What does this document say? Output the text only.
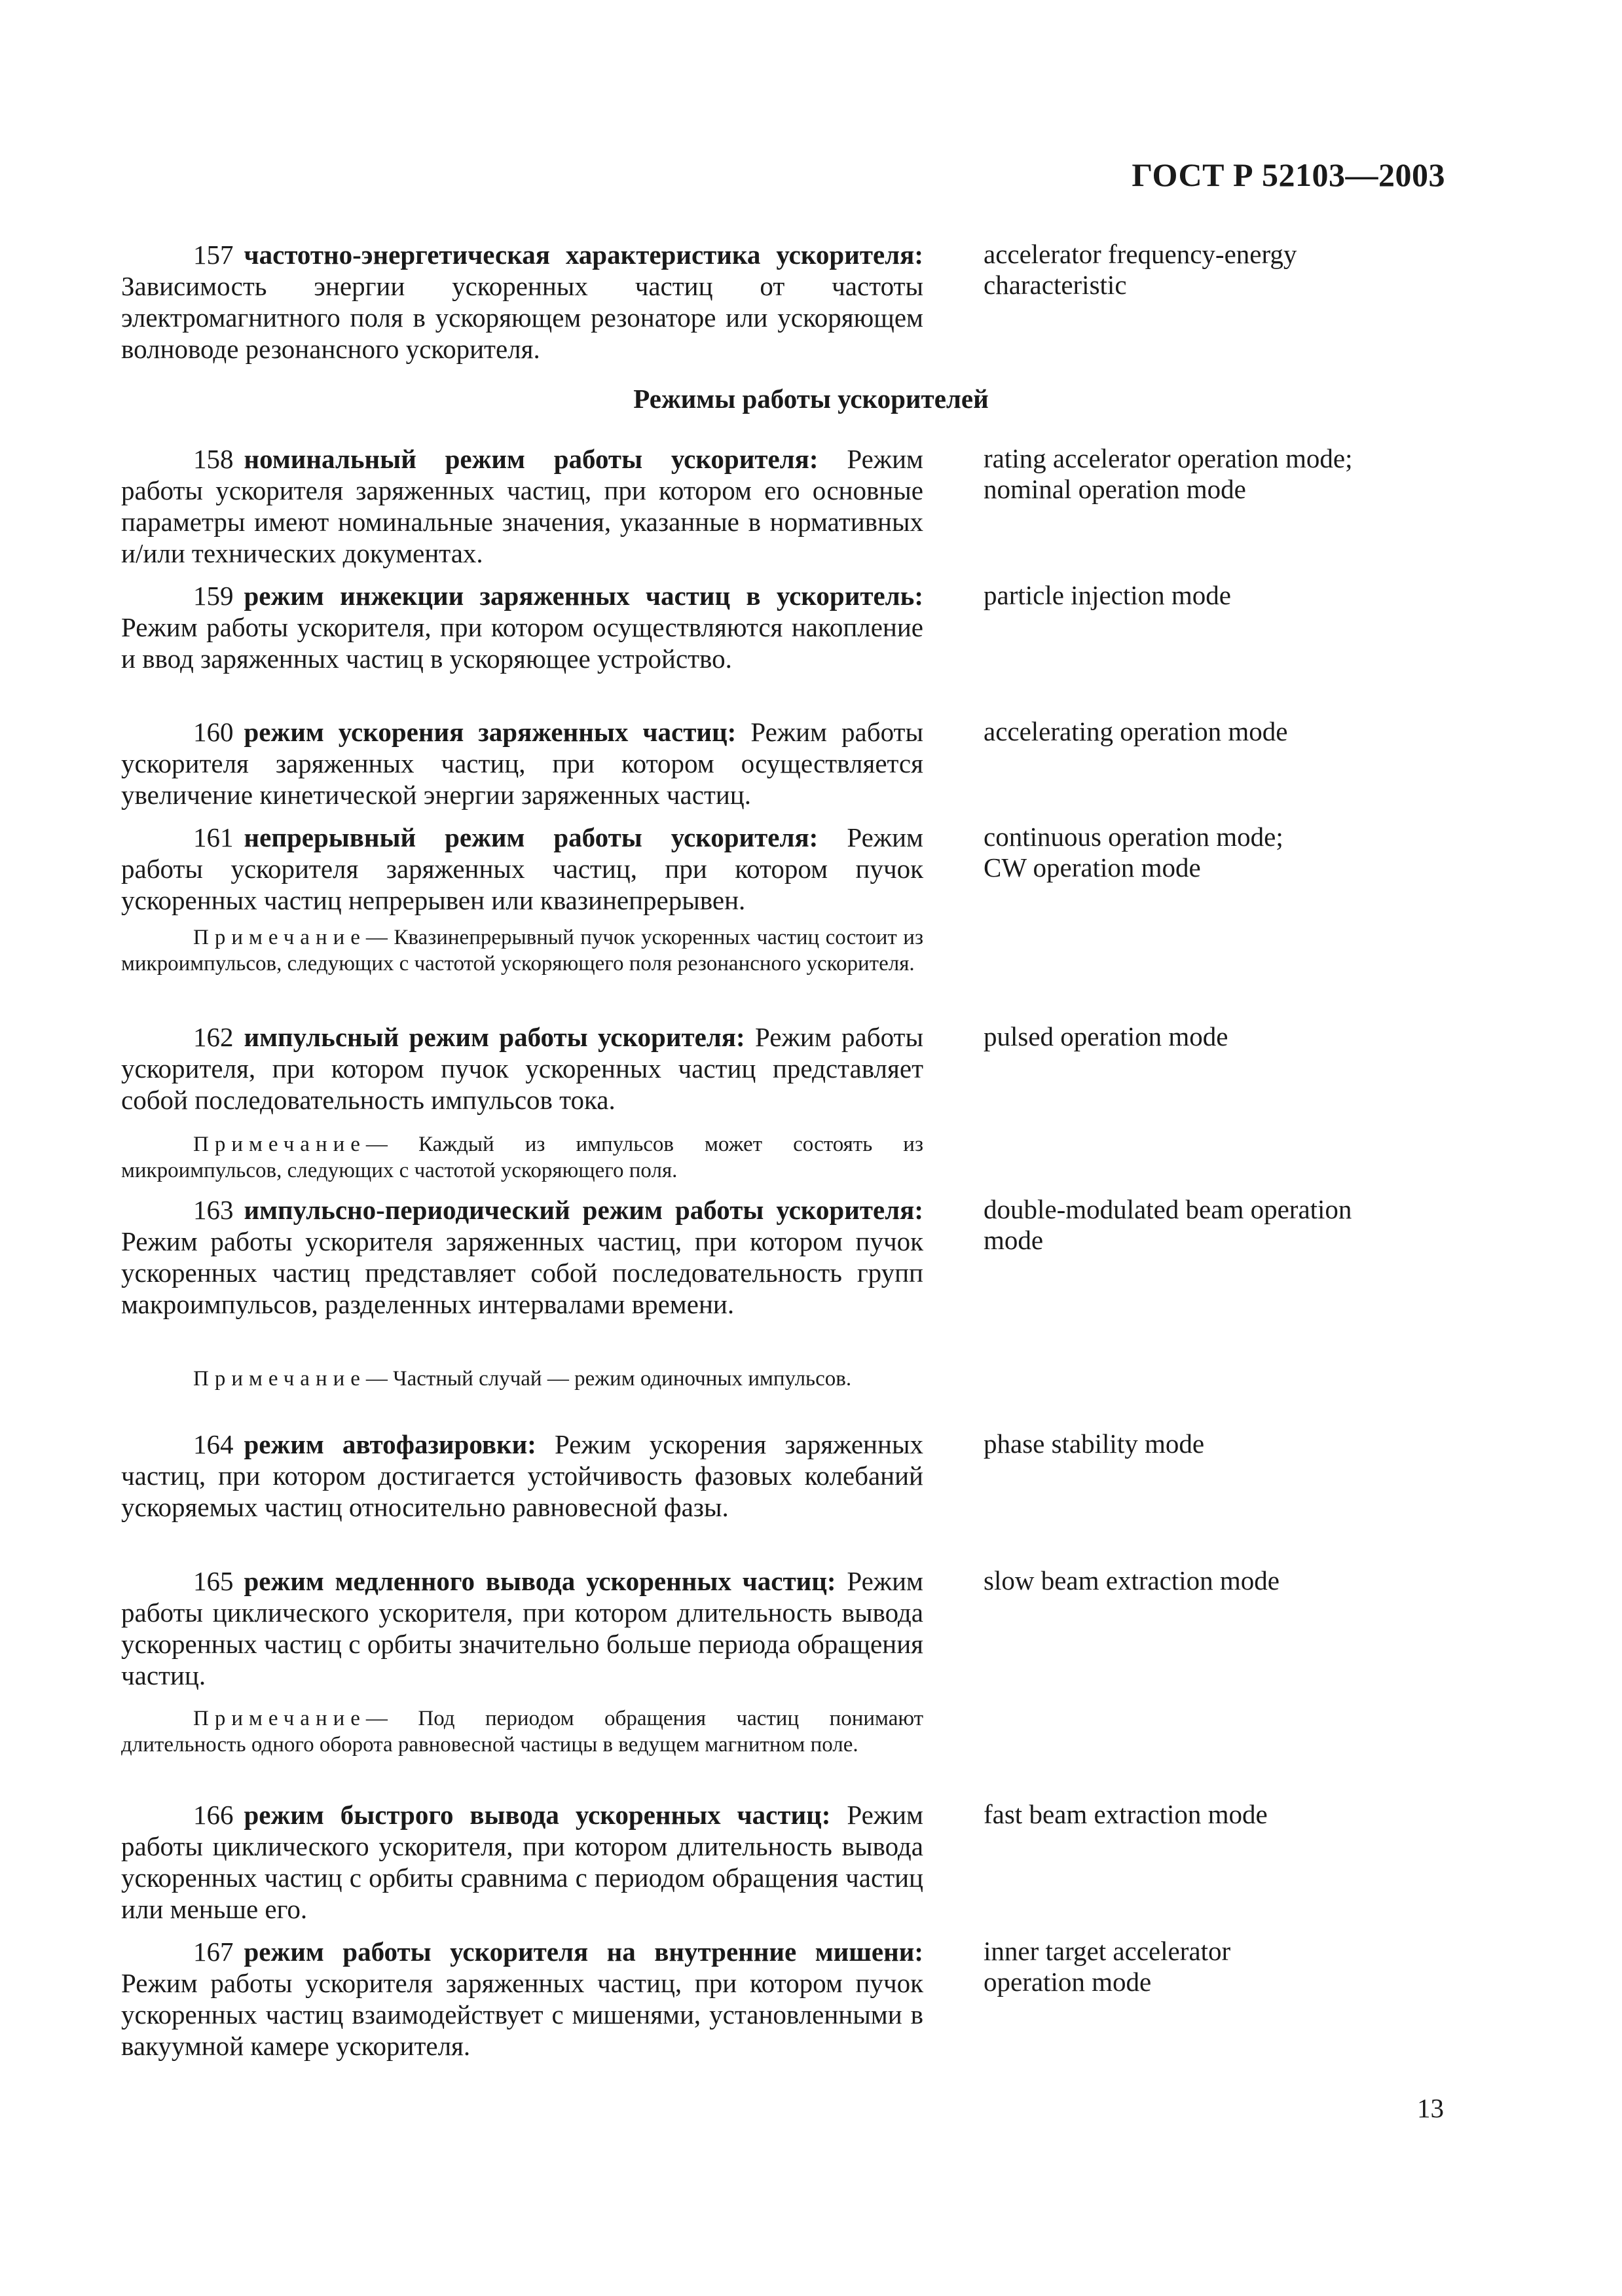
ГОСТ Р 52103—2003
Режимы работы ускорителей
157 частотно-энергетическая характеристика ускорителя: Зависимость энергии ускоренных частиц от частоты электромагнитного поля в ускоряющем резонаторе или ускоряющем волноводе резонансного ускорителя.
accelerator frequency-energy
characteristic
158 номинальный режим работы ускорителя: Режим работы ускорителя заряженных частиц, при котором его основные параметры имеют номинальные значения, указанные в нормативных и/или технических документах.
rating accelerator operation mode;
nominal operation mode
159 режим инжекции заряженных частиц в ускоритель: Режим работы ускорителя, при котором осуществляются накопление и ввод заряженных частиц в ускоряющее устройство.
particle injection mode
160 режим ускорения заряженных частиц: Режим работы ускорителя заряженных частиц, при котором осуществляется увеличение кинетической энергии заряженных частиц.
accelerating operation mode
161 непрерывный режим работы ускорителя: Режим работы ускорителя заряженных частиц, при котором пучок ускоренных частиц непрерывен или квазинепрерывен.
continuous operation mode;
CW operation mode
Примечание— Квазинепрерывный пучок ускоренных частиц состоит из микроимпульсов, следующих с частотой ускоряющего поля резонансного ускорителя.
162 импульсный режим работы ускорителя: Режим работы ускорителя, при котором пучок ускоренных частиц представляет собой последовательность импульсов тока.
pulsed operation mode
Примечание— Каждый из импульсов может состоять из микроимпульсов, следующих с частотой ускоряющего поля.
163 импульсно-периодический режим работы ускорителя: Режим работы ускорителя заряженных частиц, при котором пучок ускоренных частиц представляет собой последовательность групп макроимпульсов, разделенных интервалами времени.
double-modulated beam operation
mode
Примечание— Частный случай — режим одиночных импульсов.
164 режим автофазировки: Режим ускорения заряженных частиц, при котором достигается устойчивость фазовых колебаний ускоряемых частиц относительно равновесной фазы.
phase stability mode
165 режим медленного вывода ускоренных частиц: Режим работы циклического ускорителя, при котором длительность вывода ускоренных частиц с орбиты значительно больше периода обращения частиц.
slow beam extraction mode
Примечание— Под периодом обращения частиц понимают длительность одного оборота равновесной частицы в ведущем магнитном поле.
166 режим быстрого вывода ускоренных частиц: Режим работы циклического ускорителя, при котором длительность вывода ускоренных частиц с орбиты сравнима с периодом обращения частиц или меньше его.
fast beam extraction mode
167 режим работы ускорителя на внутренние мишени: Режим работы ускорителя заряженных частиц, при котором пучок ускоренных частиц взаимодействует с мишенями, установленными в вакуумной камере ускорителя.
inner target accelerator
operation mode
13
